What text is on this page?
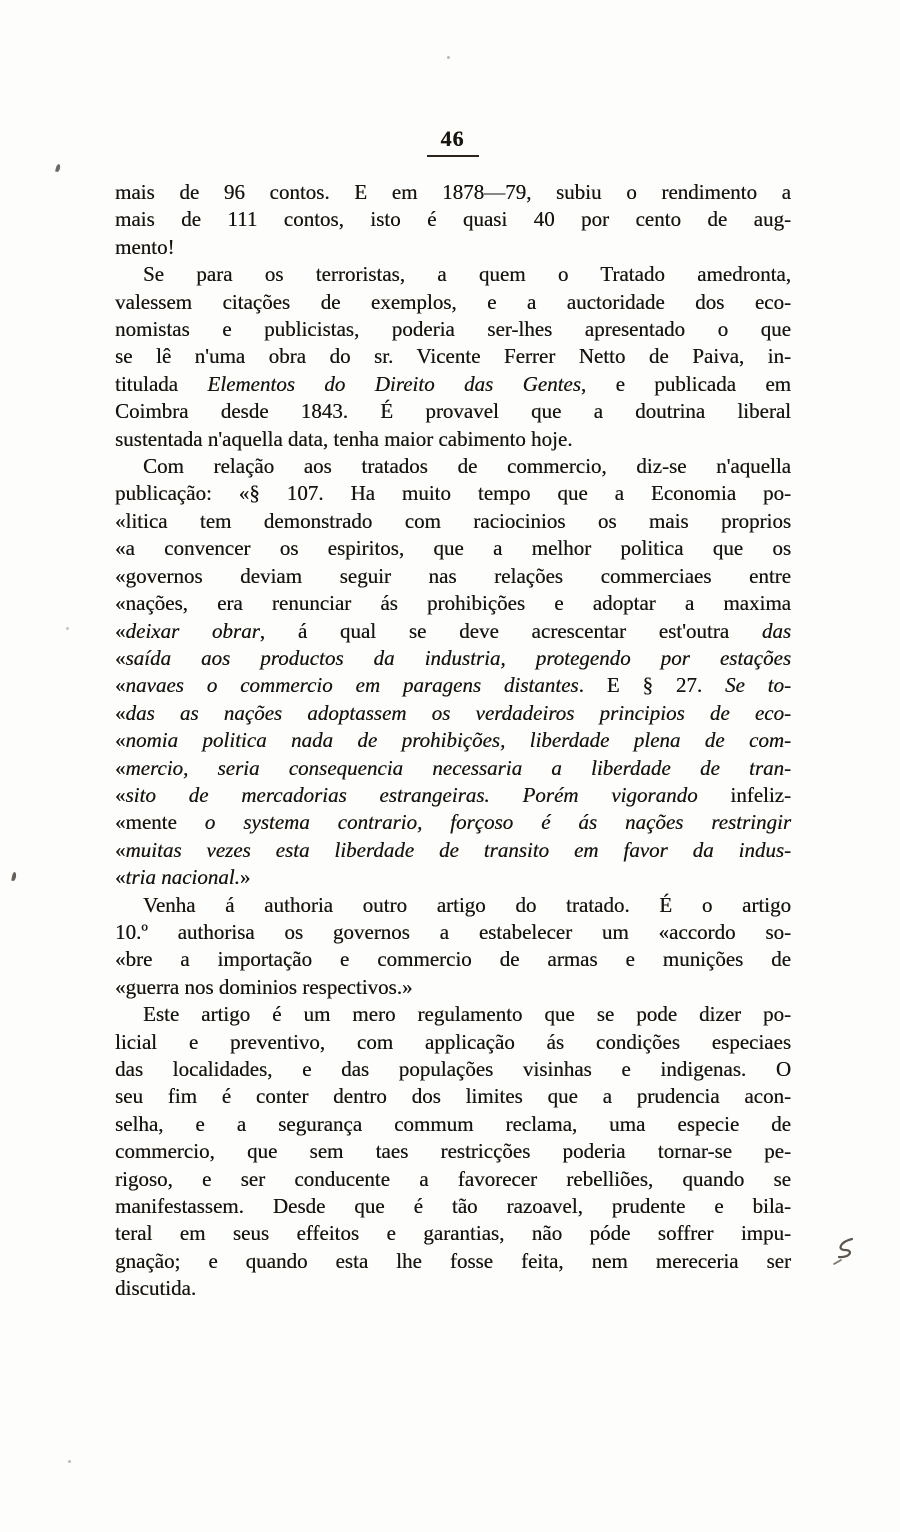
46
mais de 96 contos. E em 1878—79, subiu o rendimento a
mais de 111 contos, isto é quasi 40 por cento de aug-
mento!
Se para os terroristas, a quem o Tratado amedronta,
valessem citações de exemplos, e a auctoridade dos eco-
nomistas e publicistas, poderia ser-lhes apresentado o que
se lê n'uma obra do sr. Vicente Ferrer Netto de Paiva, in-
titulada Elementos do Direito das Gentes, e publicada em
Coimbra desde 1843. É provavel que a doutrina liberal
sustentada n'aquella data, tenha maior cabimento hoje.
Com relação aos tratados de commercio, diz-se n'aquella
publicação: «§ 107. Ha muito tempo que a Economia po-
«litica tem demonstrado com raciocinios os mais proprios
«a convencer os espiritos, que a melhor politica que os
«governos deviam seguir nas relações commerciaes entre
«nações, era renunciar ás prohibições e adoptar a maxima
«deixar obrar, á qual se deve acrescentar est'outra das
«saída aos productos da industria, protegendo por estações
«navaes o commercio em paragens distantes. E § 27. Se to-
«das as nações adoptassem os verdadeiros principios de eco-
«nomia politica nada de prohibições, liberdade plena de com-
«mercio, seria consequencia necessaria a liberdade de tran-
«sito de mercadorias estrangeiras. Porém vigorando infeliz-
«mente o systema contrario, forçoso é ás nações restringir
«muitas vezes esta liberdade de transito em favor da indus-
«tria nacional.»
Venha á authoria outro artigo do tratado. É o artigo
10.º authorisa os governos a estabelecer um «accordo so-
«bre a importação e commercio de armas e munições de
«guerra nos dominios respectivos.»
Este artigo é um mero regulamento que se pode dizer po-
licial e preventivo, com applicação ás condições especiaes
das localidades, e das populações visinhas e indigenas. O
seu fim é conter dentro dos limites que a prudencia acon-
selha, e a segurança commum reclama, uma especie de
commercio, que sem taes restricções poderia tornar-se pe-
rigoso, e ser conducente a favorecer rebelliões, quando se
manifestassem. Desde que é tão razoavel, prudente e bila-
teral em seus effeitos e garantias, não póde soffrer impu-
gnação; e quando esta lhe fosse feita, nem mereceria ser
discutida.
